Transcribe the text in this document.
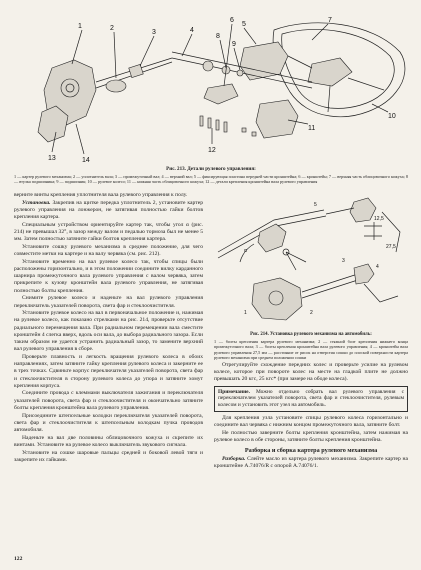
1	2
3	4
5
6	7
8
9
10
11
12
13	14
Рис. 213. Детали рулевого управления:
1 — картер рулевого механизма; 2 — уплотнитель вала; 3 — промежуточный вал; 4 — верхний вал; 5 — фиксирующая пластина передней части кронштейна; 6 — кронштейн; 7 — верхняя часть облицовочного кожуха; 8 — втулка подшипника; 9 — подшипник; 10 — рулевое колесо; 11 — нижняя часть облицовочного кожуха; 12 — детали крепления кронштейна вала рулевого управления

верните винты крепления уплотнителя вала рулевого управления к полу.

Установка. Закрепив на щитке передка уплотнитель 2, установите картер рулевого управления на лонжерон, не затягивая полностью гайки болтов крепления картера.

Специальным устройством ориентируйте картер так, чтобы угол α (рис. 214) не превышал 32°, в зазор между валом и педалью тормоза был не менее 5 мм. Затем полностью затяните гайки болтов крепления картера.

Установите сошку рулевого механизма в среднее положение, для чего совместите метки на картере и на валу червяка (см. рис. 212).

Установите временно на вал рулевое колесо так, чтобы спицы были расположены горизонтально, и в этом положении соедините вилку карданного шарнира промежуточного вала рулевого управления с валом червяка, затем прикрепите к кузову кронштейн вала рулевого управления, не затягивая полностью болты крепления.

Снимите рулевое колесо и наденьте на вал рулевого управления переключатель указателей поворота, света фар и стеклоочистителя.

Установите рулевое колесо на вал в первоначальное положение и, нажимая на рулевое колесо, как показано стрелками на рис. 214, проверьте отсутствие радиального перемещения вала. При радиальном перемещении вала сместите кронштейн 4 слегка вверх, вдоль оси вала, до выбора радиального зазора. Если таким образом не удается устранить радиальный зазор, то замените верхний вал рулевого управления в сборе.

Проверьте плавность и легкость вращения рулевого колеса в обоих направлениях, затем затяните гайку крепления рулевого колеса и закерните ее в трех точках. Сдвиньте корпус переключателя указателей поворота, света фар и стеклоочистителя в сторону рулевого колеса до упора и затяните хомут крепления корпуса.

Соедините провода с клеммами выключателя зажигания и переключателя указателей поворота, света фар и стеклоочистителя и окончательно затяните болты крепления кронштейна вала рулевого управления.

Присоедините штепсельные колодки переключателя указателей поворота, света фар и стеклоочистителя к штепсельным колодкам пучка проводов автомобиля.

Наденьте на вал две половины облицовочного кожуха и скрепите их винтами. Установите на рулевое колесо выключатель звукового сигнала.

Установите на сошке шаровые пальцы средней и боковой левой тяги и закрепите их гайками.

α
12,5
27,5
1	2
3
4
5
Рис. 214. Установка рулевого механизма на автомобиль:
1 — болты крепления картера рулевого механизма; 2 — стяжной болт крепления нижнего конца промежуточного вала; 3 — болты крепления кронштейна вала рулевого управления; 4 — кронштейн вала рулевого управления 27,5 мм — расстояние от рисок на отверстия сошки до плоской поверхности картера рулевого механизма при среднем положении сошки

Отрегулируйте схождение передних колес и проверьте усилие на рулевом колесе, которое при повороте колес на месте на гладкой плите не должно превышать 20 кгс, 25 кгс* (при замере на ободе колеса).

Примечание. Можно отдельно собрать вал рулевого управления с переключателем указателей поворота, света фар и стеклоочистителя, рулевым колесом и установить этот узел на автомобиль.

Для крепления узла установите спицы рулевого колеса горизонтально и соедините вал червяка с нижним концом промежуточного вала, затяните болт.

Не полностью заверните болты крепления кронштейна, затем нажимая на рулевое колесо в обе стороны, затяните болты крепления кронштейна.

Разборка и сборка картера рулевого механизма

Разборка. Слейте масло из картера рулевого механизма. Закрепите картер на кронштейне А.74076/R с опорой А.74076/1.

122
